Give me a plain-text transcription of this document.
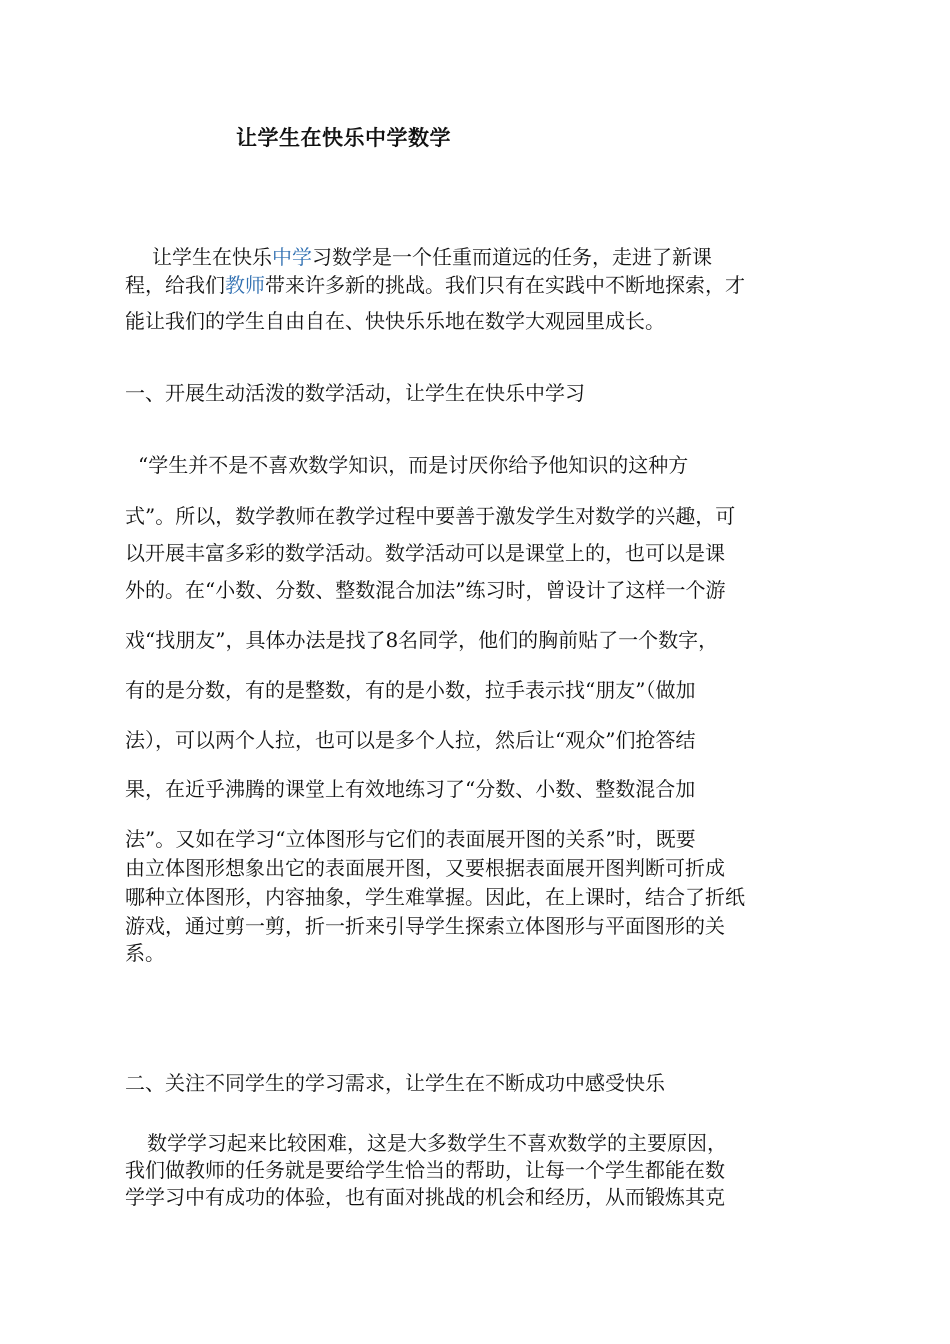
让学生在快乐中学数学
让学生在快乐中学习数学是一个任重而道远的任务，走进了新课
程，给我们教师带来许多新的挑战。我们只有在实践中不断地探索，才
能让我们的学生自由自在、快快乐乐地在数学大观园里成长。
一、开展生动活泼的数学活动，让学生在快乐中学习
“学生并不是不喜欢数学知识，而是讨厌你给予他知识的这种方
式”。所以，数学教师在教学过程中要善于激发学生对数学的兴趣，可
以开展丰富多彩的数学活动。数学活动可以是课堂上的，也可以是课
外的。在“小数、分数、整数混合加法”练习时，曾设计了这样一个游
戏“找朋友”，具体办法是找了8名同学，他们的胸前贴了一个数字，
有的是分数，有的是整数，有的是小数，拉手表示找“朋友”（做加
法），可以两个人拉，也可以是多个人拉，然后让“观众”们抢答结
果，在近乎沸腾的课堂上有效地练习了“分数、小数、整数混合加
法”。又如在学习“立体图形与它们的表面展开图的关系”时，既要
由立体图形想象出它的表面展开图，又要根据表面展开图判断可折成
哪种立体图形，内容抽象，学生难掌握。因此，在上课时，结合了折纸
游戏，通过剪一剪，折一折来引导学生探索立体图形与平面图形的关
系。
二、关注不同学生的学习需求，让学生在不断成功中感受快乐
数学学习起来比较困难，这是大多数学生不喜欢数学的主要原因，
我们做教师的任务就是要给学生恰当的帮助，让每一个学生都能在数
学学习中有成功的体验，也有面对挑战的机会和经历，从而锻炼其克
